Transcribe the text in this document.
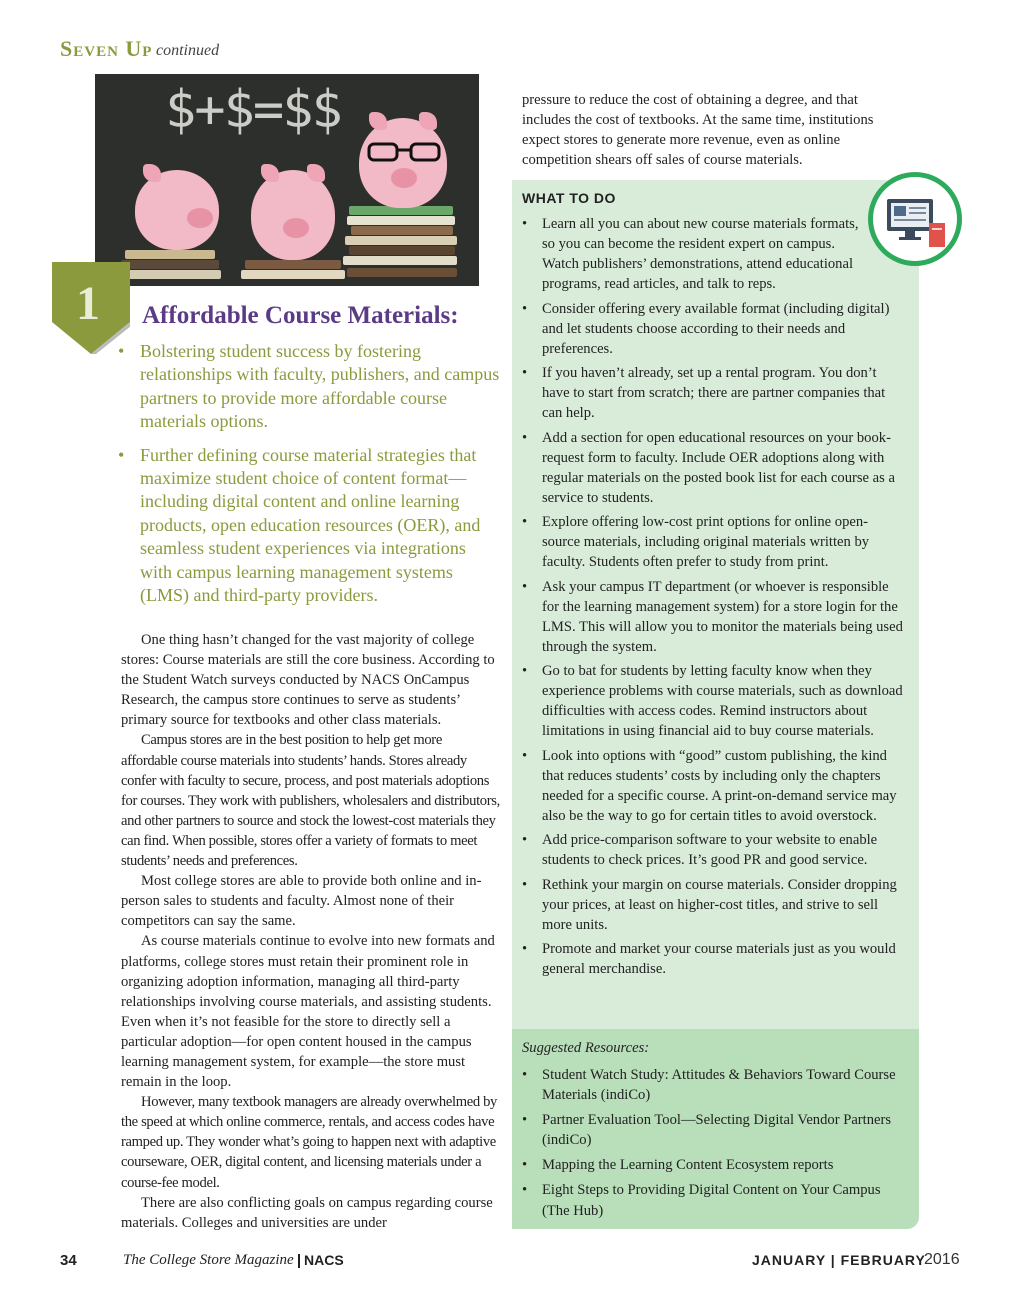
Seven Up continued
$+$=$$
1 Affordable Course Materials:
• Bolstering student success by fostering relationships with faculty, publishers, and campus partners to provide more affordable course materials options.
• Further defining course material strategies that maximize student choice of content format—including digital content and online learning products, open education resources (OER), and seamless student experiences via integrations with campus learning management systems (LMS) and third-party providers.

One thing hasn’t changed for the vast majority of college stores: Course materials are still the core business. According to the Student Watch surveys conducted by NACS OnCampus Research, the campus store continues to serve as students’ primary source for textbooks and other class materials.

Campus stores are in the best position to help get more affordable course materials into students’ hands. Stores already confer with faculty to secure, process, and post materials adoptions for courses. They work with publishers, wholesalers and distributors, and other partners to source and stock the lowest-cost materials they can find. When possible, stores offer a variety of formats to meet students’ needs and preferences.

Most college stores are able to provide both online and in-person sales to students and faculty. Almost none of their competitors can say the same.

As course materials continue to evolve into new formats and platforms, college stores must retain their prominent role in organizing adoption information, managing all third-party relationships involving course materials, and assisting students. Even when it’s not feasible for the store to directly sell a particular adoption—for open content housed in the campus learning management system, for example—the store must remain in the loop.

However, many textbook managers are already overwhelmed by the speed at which online commerce, rentals, and access codes have ramped up. They wonder what’s going to happen next with adaptive courseware, OER, digital content, and licensing materials under a course-fee model.

There are also conflicting goals on campus regarding course materials. Colleges and universities are under

pressure to reduce the cost of obtaining a degree, and that includes the cost of textbooks. At the same time, institutions expect stores to generate more revenue, even as online competition shears off sales of course materials.
WHAT TO DO
• Learn all you can about new course materials formats, so you can become the resident expert on campus. Watch publishers’ demonstrations, attend educational programs, read articles, and talk to reps.
• Consider offering every available format (including digital) and let students choose according to their needs and preferences.
• If you haven’t already, set up a rental program. You don’t have to start from scratch; there are partner companies that can help.
• Add a section for open educational resources on your book-request form to faculty. Include OER adoptions along with regular materials on the posted book list for each course as a service to students.
• Explore offering low-cost print options for online open-source materials, including original materials written by faculty. Students often prefer to study from print.
• Ask your campus IT department (or whoever is responsible for the learning management system) for a store login for the LMS. This will allow you to monitor the materials being used through the system.
• Go to bat for students by letting faculty know when they experience problems with course materials, such as download difficulties with access codes. Remind instructors about limitations in using financial aid to buy course materials.
• Look into options with “good” custom publishing, the kind that reduces students’ costs by including only the chapters needed for a specific course. A print-on-demand service may also be the way to go for certain titles to avoid overstock.
• Add price-comparison software to your website to enable students to check prices. It’s good PR and good service.
• Rethink your margin on course materials. Consider dropping your prices, at least on higher-cost titles, and strive to sell more units.
• Promote and market your course materials just as you would general merchandise.
Suggested Resources:
• Student Watch Study: Attitudes & Behaviors Toward Course Materials (indiCo)
• Partner Evaluation Tool—Selecting Digital Vendor Partners (indiCo)
• Mapping the Learning Content Ecosystem reports
• Eight Steps to Providing Digital Content on Your Campus (The Hub)
34	The College Store Magazine NACS	JANUARY | FEBRUARY
2016
